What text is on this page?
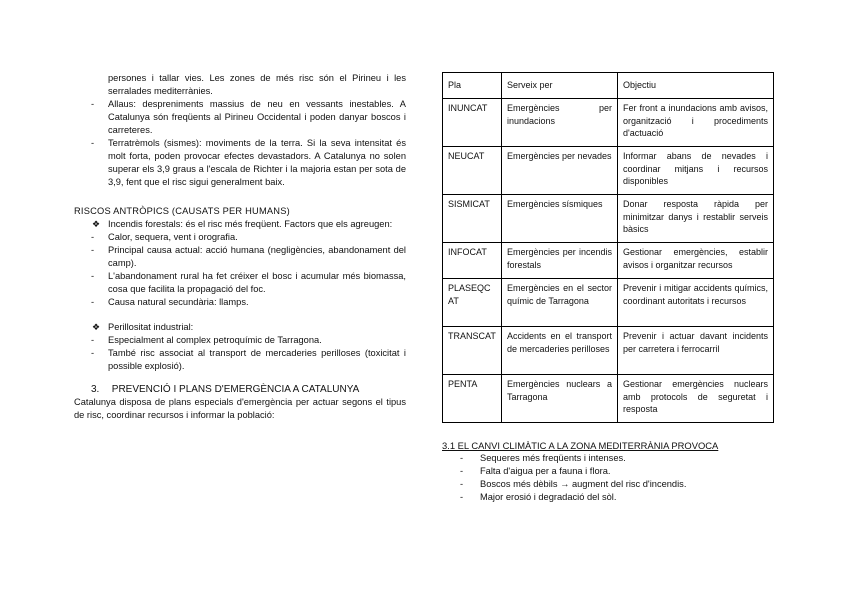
persones i tallar vies. Les zones de més risc són el Pirineu i les serralades mediterrànies.
- Allaus: despreniments massius de neu en vessants inestables. A Catalunya són freqüents al Pirineu Occidental i poden danyar boscos i carreteres.
- Terratrèmols (sismes): moviments de la terra. Si la seva intensitat és molt forta, poden provocar efectes devastadors. A Catalunya no solen superar els 3,9 graus a l'escala de Richter i la majoria estan per sota de 3,9, fent que el risc sigui generalment baix.
RISCOS ANTRÒPICS (CAUSATS PER HUMANS)
❖ Incendis forestals: és el risc més freqüent. Factors que els agreugen:
- Calor, sequera, vent i orografia.
- Principal causa actual: acció humana (negligències, abandonament del camp).
- L'abandonament rural ha fet créixer el bosc i acumular més biomassa, cosa que facilita la propagació del foc.
- Causa natural secundària: llamps.
❖ Perillositat industrial:
- Especialment al complex petroquímic de Tarragona.
- També risc associat al transport de mercaderies perilloses (toxicitat i possible explosió).
3. PREVENCIÓ I PLANS D'EMERGÈNCIA A CATALUNYA
Catalunya disposa de plans especials d'emergència per actuar segons el tipus de risc, coordinar recursos i informar la població:
Pla	Serveix per	Objectiu
INUNCAT	Emergències per inundacions	Fer front a inundacions amb avisos, organització i procediments d'actuació
NEUCAT	Emergències per nevades	Informar abans de nevades i coordinar mitjans i recursos disponibles
SISMICAT	Emergències sísmiques	Donar resposta ràpida per minimitzar danys i restablir serveis bàsics
INFOCAT	Emergències per incendis forestals	Gestionar emergències, establir avisos i organitzar recursos
PLASEQCAT	Emergències en el sector químic de Tarragona	Prevenir i mitigar accidents químics, coordinant autoritats i recursos
TRANSCAT	Accidents en el transport de mercaderies perilloses	Prevenir i actuar davant incidents per carretera i ferrocarril
PENTA	Emergències nuclears a Tarragona	Gestionar emergències nuclears amb protocols de seguretat i resposta
3.1 EL CANVI CLIMÀTIC A LA ZONA MEDITERRÀNIA PROVOCA
- Sequeres més freqüents i intenses.
- Falta d'aigua per a fauna i flora.
- Boscos més dèbils → augment del risc d'incendis.
- Major erosió i degradació del sòl.
